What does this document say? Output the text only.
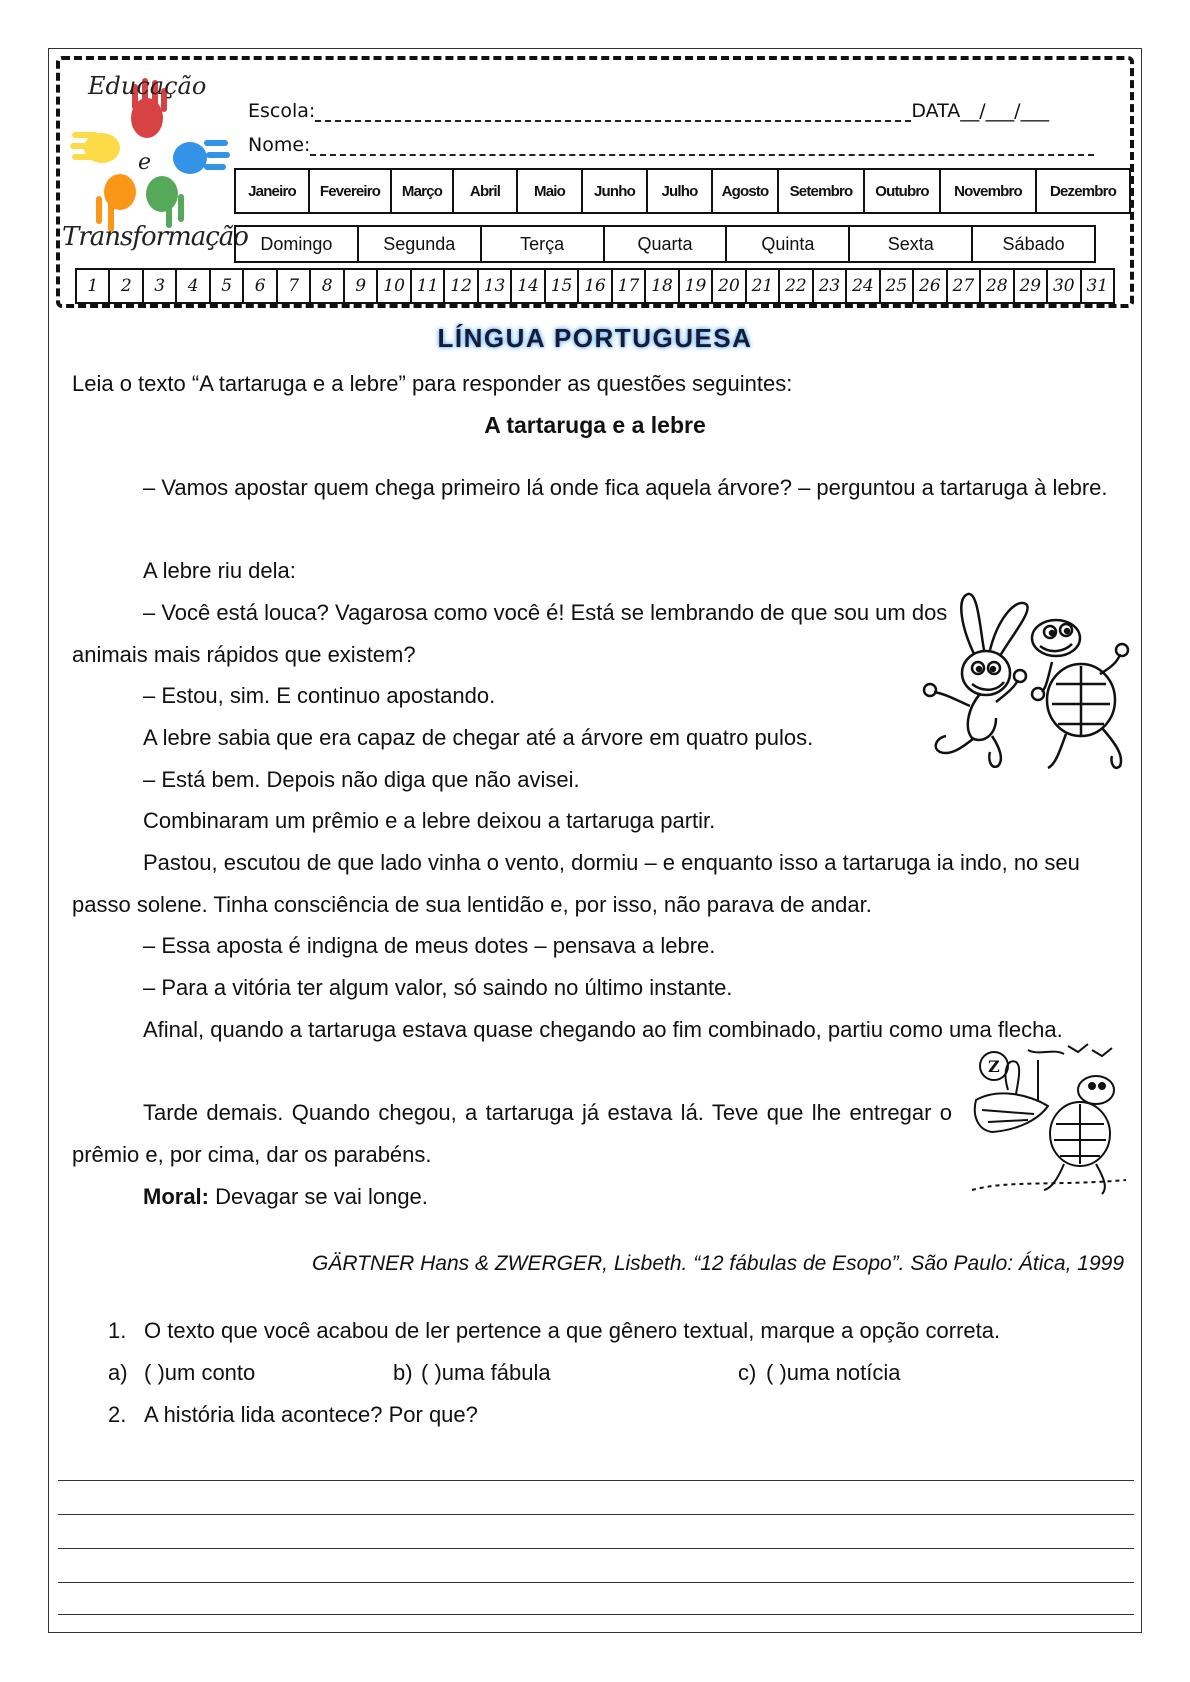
Educação
e
Transformação
Escola:	DATA__/___/___
Nome:
Janeiro	Fevereiro	Março	Abril	Maio	Junho	Julho	Agosto	Setembro	Outubro	Novembro	Dezembro
Domingo	Segunda	Terça	Quarta	Quinta	Sexta	Sábado
1	2	3	4	5	6	7	8	9	10 11 12 13 14 15 16 17 18 19 20 21 22 23 24 25 26 27 28 29 30 31
LÍNGUA PORTUGUESA
Leia o texto “A tartaruga e a lebre” para responder as questões seguintes:
A tartaruga e a lebre
– Vamos apostar quem chega primeiro lá onde fica aquela árvore? – perguntou a tartaruga à lebre.
A lebre riu dela:
– Você está louca? Vagarosa como você é! Está se lembrando de que sou um dos animais mais rápidos que existem?
– Estou, sim. E continuo apostando.
A lebre sabia que era capaz de chegar até a árvore em quatro pulos.
– Está bem. Depois não diga que não avisei.
Combinaram um prêmio e a lebre deixou a tartaruga partir.
Pastou, escutou de que lado vinha o vento, dormiu – e enquanto isso a tartaruga ia indo, no seu passo solene. Tinha consciência de sua lentidão e, por isso, não parava de andar.
– Essa aposta é indigna de meus dotes – pensava a lebre.
– Para a vitória ter algum valor, só saindo no último instante.
Afinal, quando a tartaruga estava quase chegando ao fim combinado, partiu como uma flecha.
Tarde demais. Quando chegou, a tartaruga já estava lá. Teve que lhe entregar o prêmio e, por cima, dar os parabéns.
Moral: Devagar se vai longe.
Z
GÄRTNER Hans & ZWERGER, Lisbeth. “12 fábulas de Esopo”. São Paulo: Ática, 1999
1. O texto que você acabou de ler pertence a que gênero textual, marque a opção correta.
a) ( )um conto	b) ( )uma fábula	c) ( )uma notícia
2. A história lida acontece? Por que?
